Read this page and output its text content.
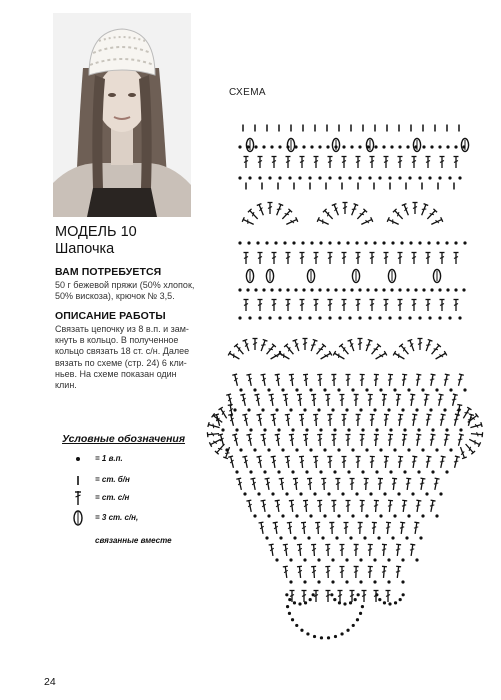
МОДЕЛЬ 10
Шапочка
ВАМ ПОТРЕБУЕТСЯ
50 г бежевой пряжи (50% хлопок,
50% вискоза), крючок № 3,5.
ОПИСАНИЕ РАБОТЫ
Связать цепочку из 8 в.п. и зам-
кнуть в кольцо. В полученное
кольцо связать 18 ст. с/н. Далее
вязать по схеме (стр. 24) 6 кли-
ньев. На схеме показан один
клин.
Условные обозначения
= 1 в.п.
= ст. б/н
= ст. с/н
= 3 ст. с/н,
связанные вместе
СХЕМА
24
